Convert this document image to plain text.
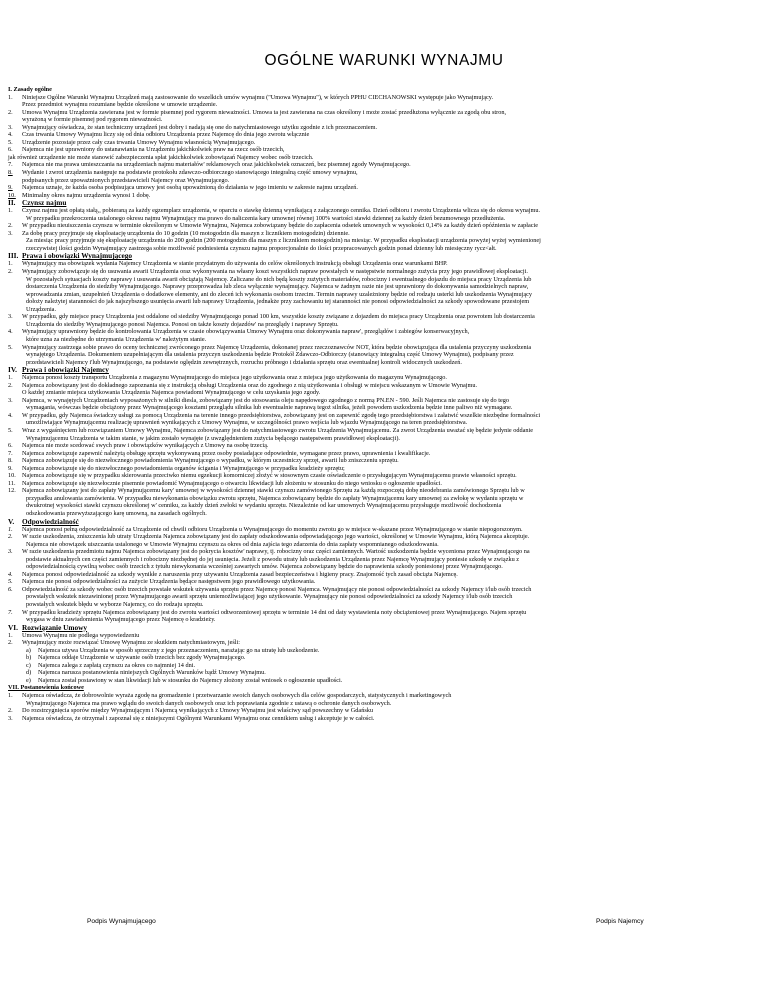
OGÓLNE WARUNKI WYNAJMU
I. Zasady ogólne
1. Niniejsze Ogólne Warunki Wynajmu Urządzeń mają zastosowanie do wszelkich umów wynajmu ("Umowa Wynajmu"), w których PPHU CIECHANOWSKI występuje jako Wynajmujący.
Przez przedmiot wynajmu rozumiane będzie określone w umowie urządzenie.
2. Umowa Wynajmu Urządzenia zawierana jest w formie pisemnej pod rygorem nieważności. Umowa ta jest zawierana na czas określony i może zostać przedłużona wyłącznie za zgodą obu stron,
wyrażoną w formie pisemnej pod rygorem nieważności.
3. Wynajmujący oświadcza, że stan techniczny urządzeń jest dobry i nadają się one do natychmiastowego użytku zgodnie z ich przeznaczeniem.
4. Czas trwania Umowy Wynajmu liczy się od dnia odbioru Urządzenia przez Najemcę do dnia jego zwrotu włącznie
5. Urządzenie pozostaje przez cały czas trwania Umowy Wynajmu własnością Wynajmującego.
6. Najemca nie jest uprawniony do ustanawiania na Urządzeniu jakichkolwiek praw na rzecz osób trzecich,
jak również urządzenie nie może stanowić zabezpieczenia spłat jakichkolwiek zobowiązań Najemcy wobec osób trzecich.
7. Najemca nie ma prawa umieszczania na urządzeniach najmu materiałów' reklamowych oraz jakichkolwiek oznaczeń, bez pisemnej zgody Wynajmującego.
8. Wydanie i zwrot urządzenia następuje na podstawie protokołu zdawczo-odbiorczego stanowiącego integralną część umowy wynajmu,
podpisanych przez upoważnionych przedstawicieli Najemcy oraz Wynajmującego.
9. Najemca uznaje, że każda osoba podpisująca umowy jest osobą upoważnioną do działania w jego imieniu w zakresie najmu urządzeń.
10. Minimalny okres najmu urządzenia wynosi 1 dobę.
II. Czynsz najmu
1. Czynsz najmu jest opłatą stałą,, pobieraną za każdy egzemplarz urządzenia, w oparciu o stawkę dzienną wynikającą z załączonego cennika. Dzień odbioru i zwrotu Urządzenia wlicza się do okresu wynajmu.
W przypadku przekroczenia ustalonego okresu najmu Wynajmujący ma prawo do naliczenia kary umownej równej 100% wartości stawki dziennej za każdy dzień bezumownego przedłużenia.
2. W przypadku nieuiszczenia czynszu w terminie określonym w Umowie Wynajmu, Najemca zobowiązany będzie do zapłacenia odsetek umownych w wysokości 0,14% za każdy dzień opóźnienia w zapłacie
3. Za dobę pracy przyjmuje się eksploatację urządzenia do 10 godzin (10 motogodzin dla maszyn z licznikiem motogodzin) dziennie.
Za miesiąc pracy przyjmuje się eksploatację urządzenia do 200 godzin (200 motogodzin dla maszyn z licznikiem motogodzin) na miesiąc. W przypadku eksploatacji urządzenia powyżej wyżej wymienionej
rzeczywistej ilości godzin Wynajmujący zastrzega sobie możliwość podniesienia czynszu najmu proporcjonalnie do ilości przepracowanych godzin ponad dzienny lub miesięczny rycz<ałt.
III. Prawa i obowiązki Wynajmującego
1. Wynajmujący ma obowiązek wydania Najemcy Urządzenia w stanie przydatnym do używania do celów określonych instrukcją obsługi Urządzenia oraz warunkami BHP.
2. Wynajmujący zobowiązuje się do usuwania awarii Urządzenia oraz wykonywania na własny koszt wszystkich napraw powstałych w następstwie normalnego zużycia przy jego prawidłowej eksploatacji.
W pozostałych sytuacjach koszty naprawy i usuwania awarii obciążają Najemcę. Zaliczane do nich będą koszty zużytych materiałów, robocizny i ewentualnego dojazdu do miejsca pracy Urządzenia lub
dostarczenia Urządzenia do siedziby Wynajmującego. Naprawy przeprowadza lub zleca wyłącznie wynajmujący. Najemca w żadnym razie nie jest uprawniony do dokonywania samodzielnych napraw,
wprowadzania zmian, uzupełnień Urządzenia o dodatkowe elementy, ani do zleceń ich wykonania osobom trzecim. Termin naprawy uzależniony będzie od rodzaju usterki lub uszkodzenia Wynajmujący
dołoży należytej staranności do jak najszybszego usunięcia awarii lub naprawy Urządzenia, jednakże przy zachowaniu tej staranności nie ponosi odpowiedzialności za szkody spowodowane przestojem
Urządzenia.
3. W przypadku, gdy miejsce pracy Urządzenia jest oddalone od siedziby Wynajmującego ponad 100 km, wszystkie koszty związane z dojazdem do miejsca pracy Urządzenia oraz powrotem lub dostarczenia
Urządzenia do siedziby Wynajmującego ponosi Najemca. Ponosi on także koszty dojazdów' na przeglądy i naprawy Sprzętu.
4. Wynajmujący uprawniony będzie do kontrolowania Urządzenia w czasie obowiązywania Umowy Wynajmu oraz dokonywania napraw', przeglądów i zabiegów konserwacyjnych,
które uzna za niezbędne do utrzymania Urządzenia w' należytym stanie.
5. Wynajmujący zastrzega sobie prawo do oceny technicznej zwróconego przez Najemcę Urządzenia, dokonanej przez rzeczoznawców NOT, która będzie obowiązująca dla ustalenia przyczyny uszkodzenia
wynajętego Urządzenia. Dokumentem uzupełniającym dla ustalenia przyczyn uszkodzenia będzie Protokół Zdawczo-Odbiorczy (stanowiący integralną część Umowy Wynajmu), podpisany przez
przedstawicieli Najemcy i'lub Wynajmującego, na podstawie oględzin zewnętrznych, rozruchu próbnego i działania sprzętu oraz ewentualnej kontroli widocznych uszkodzeń.
IV. Prawa i obowiązki Najemcy
1. Najemca ponosi koszty transportu Urządzenia z magazynu Wynajmującego do miejsca jego użytkowania oraz z miejsca jego użytkowania do magazynu Wynajmującego.
2. Najemca zobowiązany jest do dokładnego zapoznania się z instrukcją obsługi Urządzenia oraz do zgodnego z nią użytkowania i obsługi w miejscu wskazanym w Umowie Wynajmu.
O każdej zmianie miejsca użytkowania Urządzenia Najemca powiadomi Wynajmującego w celu uzyskania jego zgody.
3. Najemca, w wynajętych Urządzeniach wyposażonych w silniki diesla, zobowiązany jest do stosowania oleju napędowego zgodnego z normą PN.EN - 590. Jeśli Najemca nie zastosuje się do tego
wymagania, wówczas będzie obciążony przez Wynajmującego kosztami przeglądu silnika lub ewentualnie naprawą tegoż silnika, jeżeli powodem uszkodzenia będzie inne paliwo niż wymagane.
4. W przypadku, gdy Najemca świadczy usługi za pomocą Urządzenia na terenie innego przedsiębiorstwa, zobowiązany jest on zapewnić zgodę tego przedsiębiorstwa i załatwić wszelkie niezbędne formalności
umożliwiające Wynajmującemu realizację uprawnień wynikających z Umowy Wynajmu, w szczególności prawo wejścia lub wjazdu Wynajmującego na teren przedsiębiorstwa.
5. Wraz z wygaśnięciem lub rozwiązaniem Umowy Wynajmu, Najemca zobowiązany jest do natychmiastowego zwrotu Urządzenia Wynajmującemu. Za zwrot Urządzenia uważać się będzie jedynie oddanie
Wynajmującemu Urządzenia w takim stanie, w jakim zostało wynajęte (z uwzględnieniem zużycia będącego następstwem prawidłowej eksploatacji).
6. Najemca nie może scedować swych praw i obowiązków wynikających z Umowy na osobę trzecią.
7. Najemca zobowiązuje zapewnić należytą obsługę sprzętu wykonywaną przez osoby posiadające odpowiednie, wymagane przez prawo, uprawnienia i kwalifikacje.
8. Najemca zobowiązuje się do niezwłocznego powiadomienia Wynajmującego o wypadku, w którym uczestniczy sprzęt, awarii lub zniszczeniu sprzętu.
9. Najemca zobowiązuje się do niezwłocznego powiadomienia organów ścigania i Wynajmującego w przypadku kradzieży sprzętu;
10. Najemca zobowiązuje się w przypadku skierowania przeciwko niemu egzekucji komorniczej złożyć w stosownym czasie oświadczenie o przysługującym Wynajmującemu prawie własności sprzętu.
11. Najemca zobowiązuje się niezwłocznie pisemnie powiadomić Wynajmującego o otwarciu likwidacji lub złożeniu w stosunku do niego wniosku o ogłoszenie upadłości.
12. Najemca zobowiązany jest do zapłaty Wynajmującemu kary' umownej w wysokości dziennej stawki czynszu zamówionego Sprzętu za każdą rozpoczętą dobę nieodebrania zamówionego Sprzętu lub w
przypadku anulowania zamówienia. W przypadku niewykonania obowiązku zwrotu sprzętu, Najemca zobowiązany będzie do zapłaty Wynajmującemu kary umownej za zwłokę w wydaniu sprzętu w
dwukrotnej wysokości stawki czynszu określonej w' cenniku, za każdy dzień zwłoki w wydaniu sprzętu. Niezależnie od kar umownych Wynajmującemu przysługuje możliwość dochodzenia
odszkodowania przewyższającego karę umowną, na zasadach ogólnych.
V. Odpowiedzialność
1. Najemca ponosi pełną odpowiedzialność za Urządzenie od chwili odbioru Urządzenia u Wynajmującego do momentu zwrotu go w miejsce w-skazane przez Wynajmującego w stanie niepogorszonym.
2. W razie uszkodzenia, zniszczenia lub utraty Urządzenia Najemca zobowiązany jest do zapłaty odszkodowania odpowiadającego jego wartości, określonej w Umowie Wynajmu, którą Najemca akceptuje.
Najemca nie obowiązek uiszczania ustalonego w Umowie Wynajmu czynszu za okres od dnia zajścia tego zdarzenia do dnia zapłaty wspomnianego odszkodowania.
3. W razie uszkodzenia przedmiotu najmu Najemca zobowiązany jest do pokrycia kosztów' naprawy, tj. robocizny oraz części zamiennych. Wartość uszkodzenia będzie wyceniona przez Wynajmującego na
podstawie aktualnych cen części zamiennych i robocizny niezbędnej do jej usunięcia. Jeżeli z powodu utraty lub uszkodzenia Urządzenia przez Najemcę Wynajmujący poniesie szkodę w związku z
odpowiedzialnością cywilną wobec osób trzecich z tytułu niewykonania wcześniej zawartych umów. Najemca zobowiązany będzie do naprawienia szkody poniesionej przez Wynajmującego.
4. Najemca ponosi odpowiedzialność za szkody wynikłe z naruszenia przy używaniu Urządzenia zasad bezpieczeństwa i higieny pracy. Znajomość tych zasad obciąża Najemcę.
5. Najemca nie ponosi odpowiedzialności za zużycie Urządzenia będące następstwem jego prawidłowego użytkowania.
6. Odpowiedzialność za szkody wobec osób trzecich powstałe wskutek używania sprzętu przez Najemcę ponosi Najemca. Wynajmujący nie ponosi odpowiedzialności za szkody Najemcy i/lub osób trzecich
powstałych wskutek niezawinionej przez Wynajmującego awarii sprzętu uniemożliwiającej jego użytkowanie. Wynajmujący nie ponosi odpowiedzialności za szkody Najemcy i/lub osób trzecich
powstałych wskutek błędu w wyborze Najemcy, co do rodzaju sprzętu.
7. W przypadku kradzieży sprzętu Najemca zobowiązany jest do zwrotu wartości odtworzeniowej sprzętu w terminie 14 dni od daty wystawienia noty obciążeniowej przez Wynajmującego. Najem sprzętu
wygasa w dniu zawiadomienia Wynajmującego przez Najemcę o kradzieży.
VI. Rozwiązanie Umowy
1. Umowa Wynajmu nie podlega wypowiedzeniu
2. Wynajmujący może rozwiązać Umowę Wynajmu ze skutkiem natychmiastowym, jeśli:
a) Najemca używa Urządzenia w sposób sprzeczny z jego przeznaczeniem, narażając go na utratę lub uszkodzenie.
b) Najemca oddaje Urządzenie w używanie osób trzecich bez zgody Wynajmującego.
c) Najemca zalega z zapłatą czynszu za okres co najmniej 14 dni.
d) Najemca narusza postanowienia niniejszych Ogólnych Warunków bądź Umowy Wynajmu.
e) Najemca został postawiony w stan likwidacji lub w stosunku do Najemcy złożony został wniosek o ogłoszenie upadłości.
VII. Postanowienia końcowe
1. Najemca oświadcza, że dobrowolnie wyraża zgodę na gromadzenie i przetwarzanie swoich danych osobowych dla celów gospodarczych, statystycznych i marketingowych
Wynajmującego Najemca ma prawo wglądu do swoich danych osobowych oraz ich poprawiania zgodnie z ustawą o ochronie danych osobowych.
2. Do rozstrzygnięcia sporów między Wynajmującym i Najemcą wynikających z Umowy Wynajmu jest właściwy sąd powszechny w Gdańsku
3. Najemca oświadcza, że otrzymał i zapoznał się z niniejszymi Ogólnymi Warunkami Wynajmu oraz cennikiem usług i akceptuje je w całości.
Podpis Wynajmującego	Podpis Najemcy
